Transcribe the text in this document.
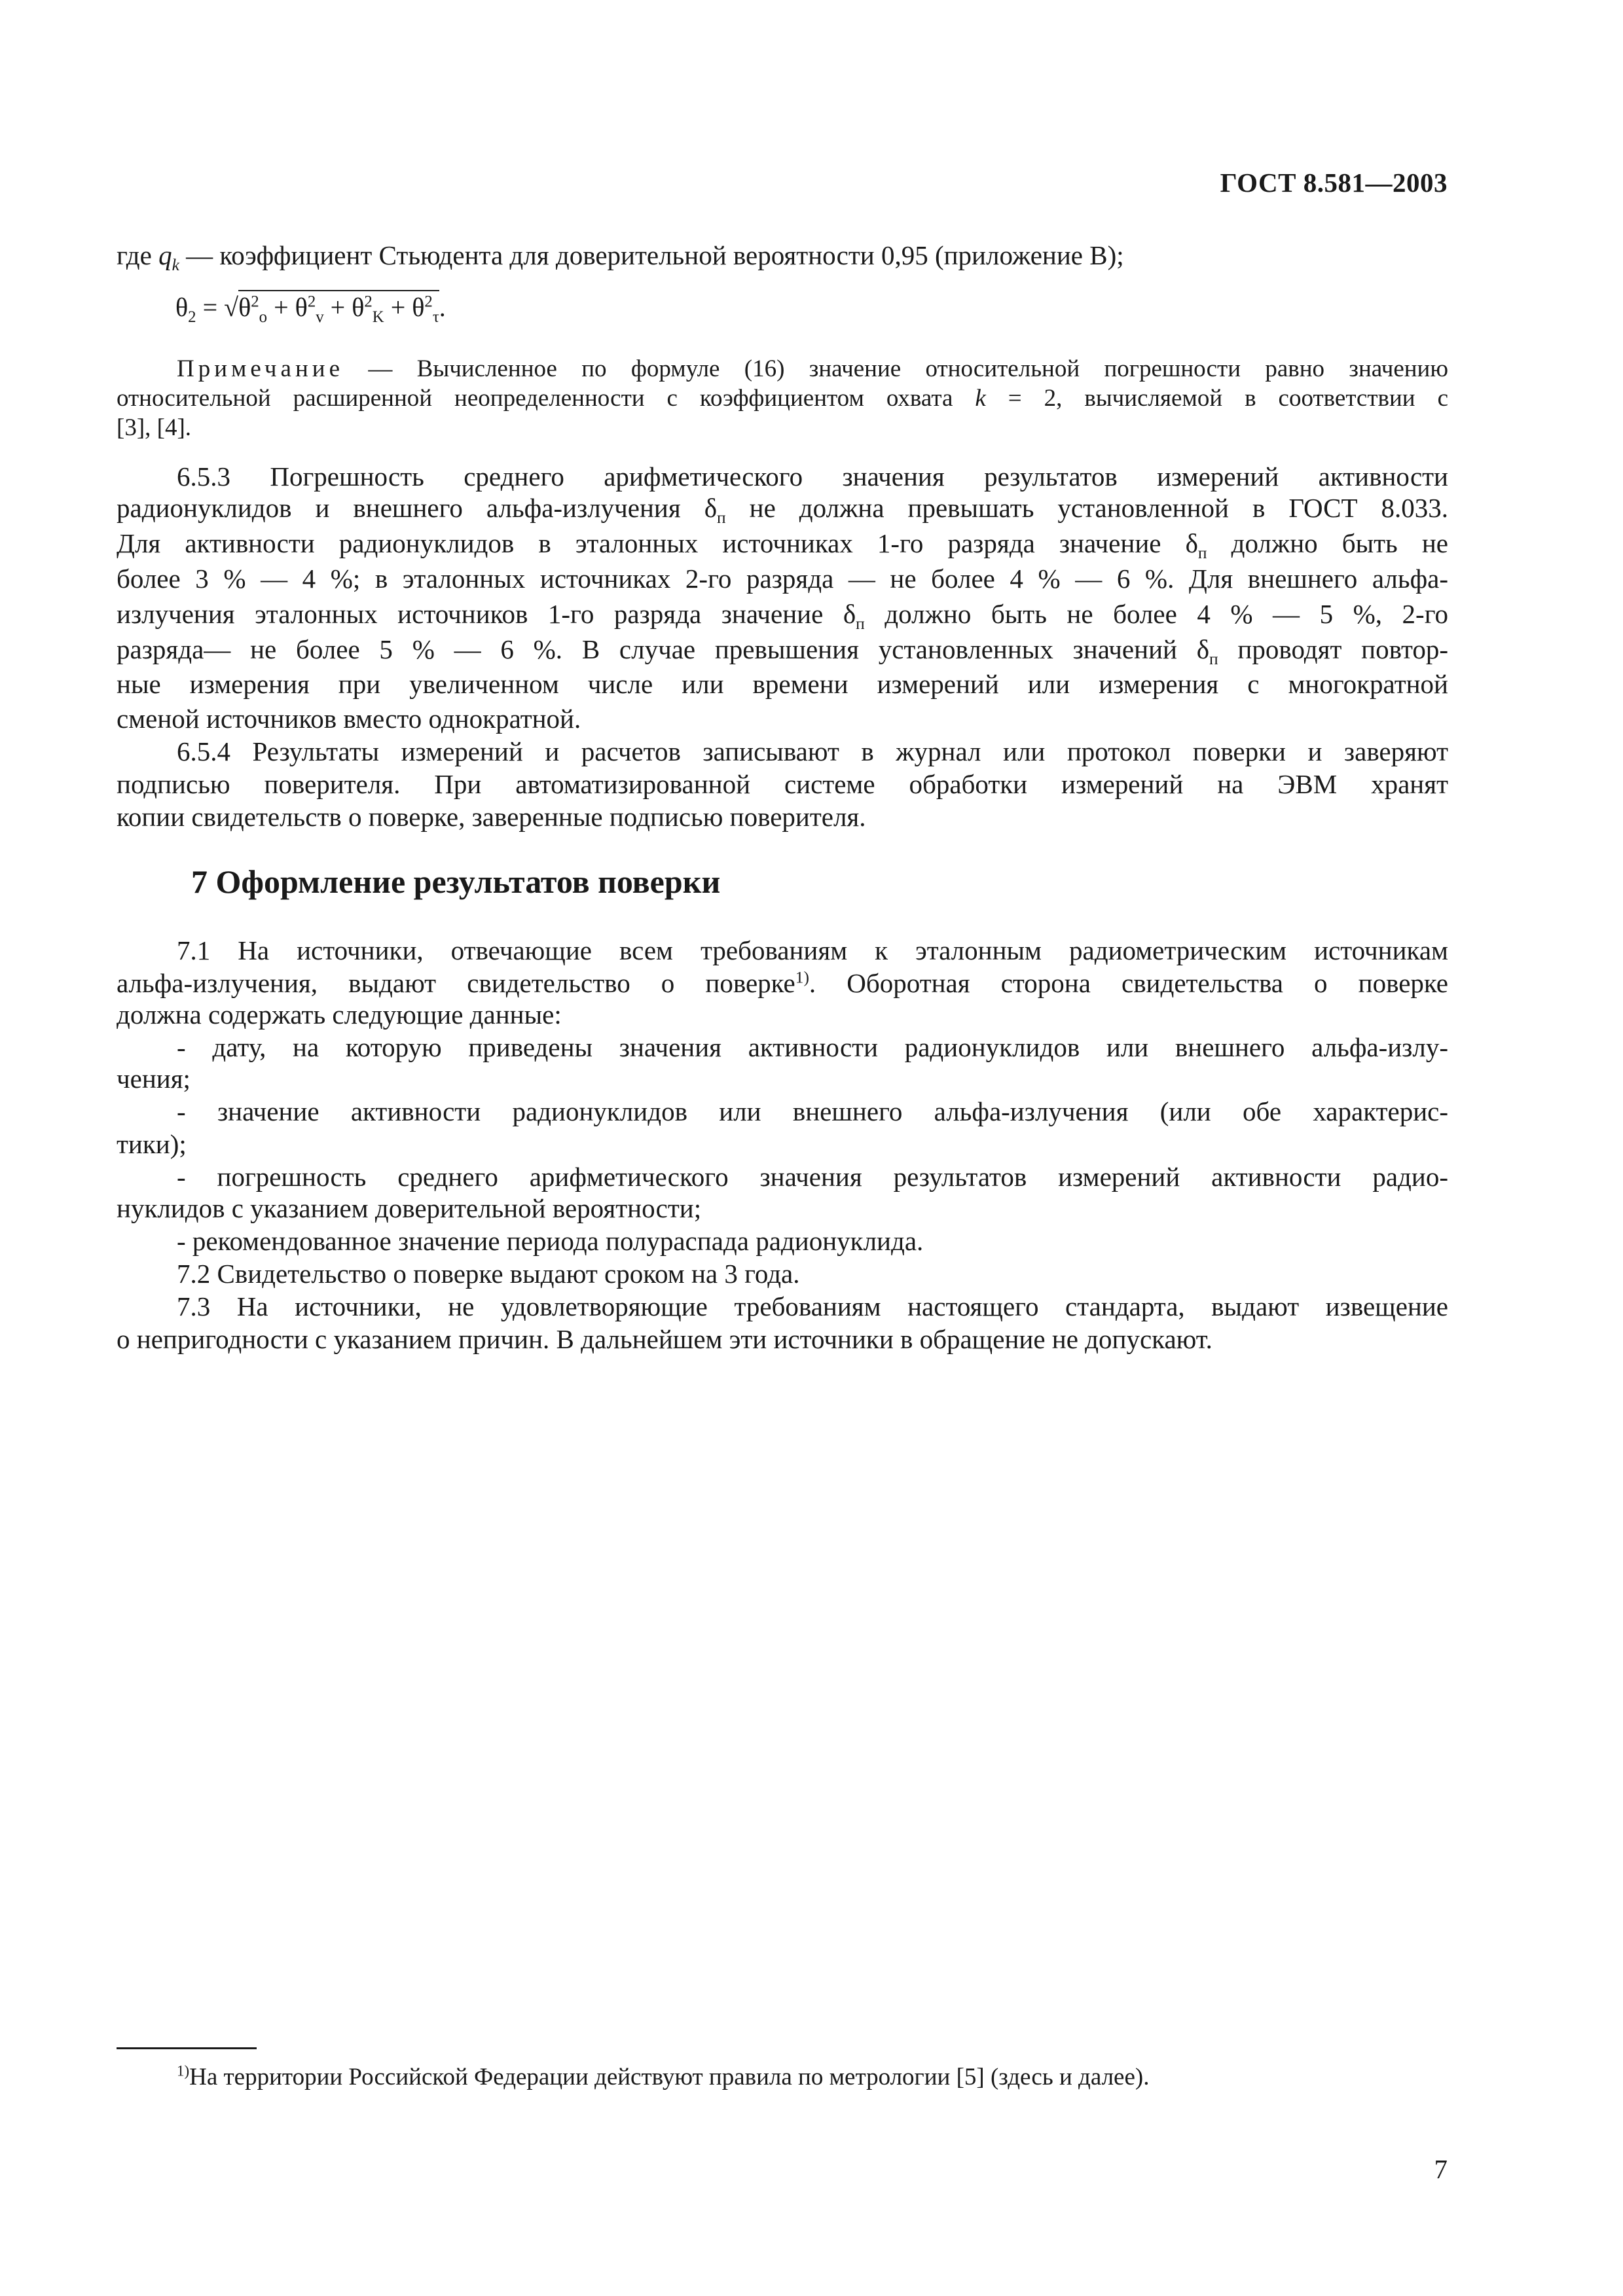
ГОСТ 8.581—2003
где $q_k$ — коэффициент Стьюдента для доверительной вероятности 0,95 (приложение В);
$\theta_2 = √\theta^2_o + \theta^2_v + \theta^2_K + \theta^2_\tau$.
Примечание — Вычисленное по формуле (16) значение относительной погрешности равно значению
относительной расширенной неопределенности с коэффициентом охвата k = 2, вычисляемой в соответствии с
[3], [4].
6.5.3 Погрешность среднего арифметического значения результатов измерений активности
радионуклидов и внешнего альфа-излучения $\delta_п$ не должна превышать установленной в ГОСТ 8.033.
Для активности радионуклидов в эталонных источниках 1-го разряда значение $\delta_п$ должно быть не
более 3 % — 4 %; в эталонных источниках 2-го разряда — не более 4 % — 6 %. Для внешнего альфа-
излучения эталонных источников 1-го разряда значение $\delta_п$ должно быть не более 4 % — 5 %, 2-го
разряда— не более 5 % — 6 %. В случае превышения установленных значений $\delta_п$ проводят повтор-
ные измерения при увеличенном числе или времени измерений или измерения с многократной
сменой источников вместо однократной.
6.5.4 Результаты измерений и расчетов записывают в журнал или протокол поверки и заверяют
подписью поверителя. При автоматизированной системе обработки измерений на ЭВМ хранят
копии свидетельств о поверке, заверенные подписью поверителя.
7 Оформление результатов поверки
7.1 На источники, отвечающие всем требованиям к эталонным радиометрическим источникам
альфа-излучения, выдают свидетельство о поверке$^{1)}$. Оборотная сторона свидетельства о поверке
должна содержать следующие данные:
- дату, на которую приведены значения активности радионуклидов или внешнего альфа-излу-
чения;
- значение активности радионуклидов или внешнего альфа-излучения (или обе характерис-
тики);
- погрешность среднего арифметического значения результатов измерений активности радио-
нуклидов с указанием доверительной вероятности;
- рекомендованное значение периода полураспада радионуклида.
7.2 Свидетельство о поверке выдают сроком на 3 года.
7.3 На источники, не удовлетворяющие требованиям настоящего стандарта, выдают извещение
о непригодности с указанием причин. В дальнейшем эти источники в обращение не допускают.
$^{1)}$На территории Российской Федерации действуют правила по метрологии [5] (здесь и далее).
7
